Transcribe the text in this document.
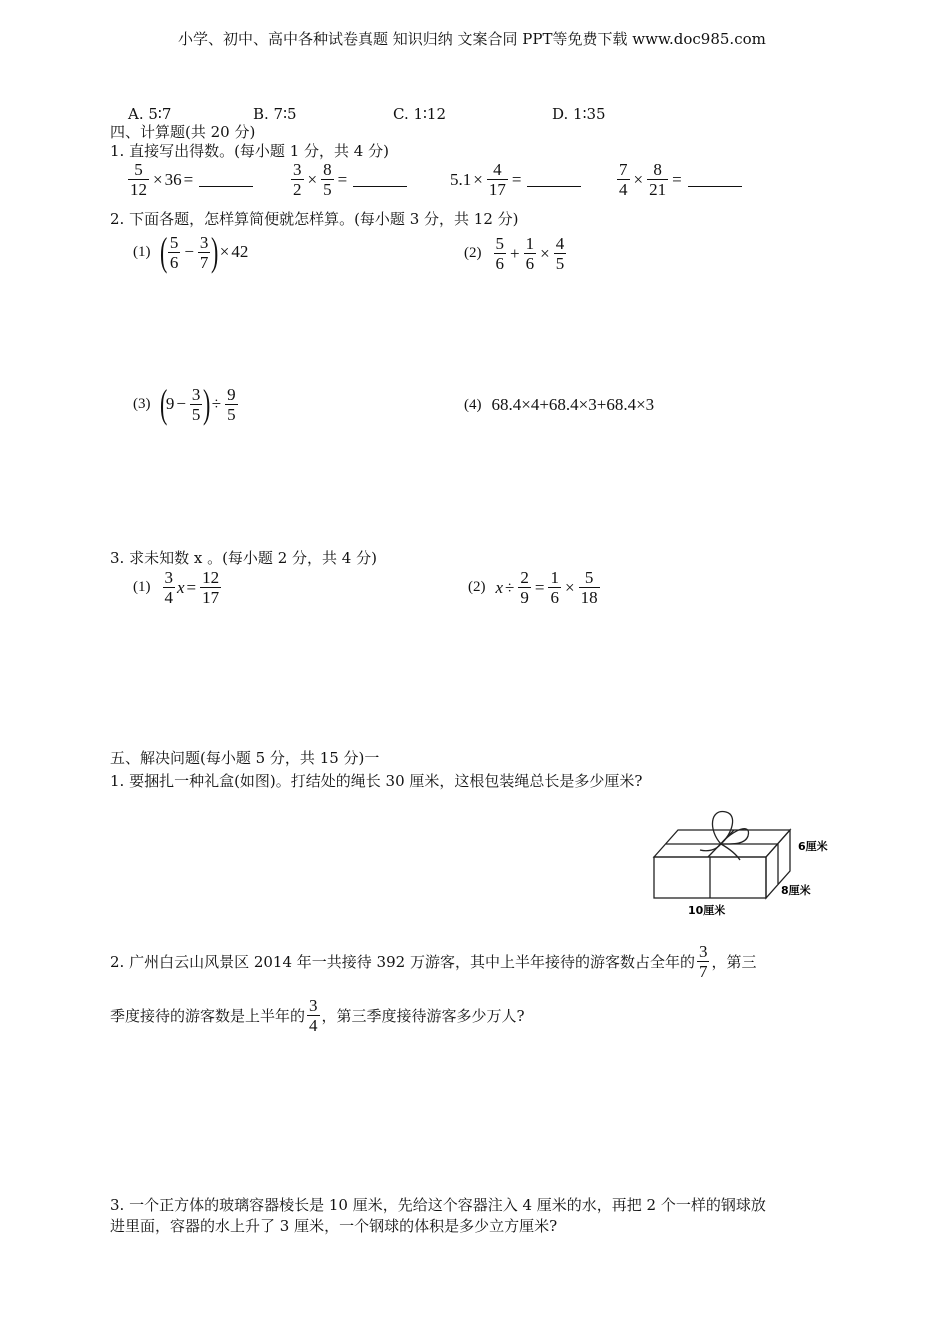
小学、初中、高中各种试卷真题 知识归纳 文案合同 PPT等免费下载 www.doc985.com
A. 5∶7	B. 7∶5	C. 1∶12	D. 1∶35
四、计算题(共 20 分)
1. 直接写出得数。(每小题 1 分，共 4 分)
$\frac{5}{12} \times 36$ =	$\frac{3}{2} \times \frac{8}{5}$ =	$5.1 \times \frac{4}{17}$ =	$\frac{7}{4} \times \frac{8}{21}$ =
2. 下面各题，怎样算简便就怎样算。(每小题 3 分，共 12 分)
(1) ( $\frac{5}{6} - \frac{3}{7}$ ) × 42	$(2) \frac{5}{6} + \frac{1}{6} \times \frac{4}{5}$
(3) (
$9 - \frac{3}{5}$ ) ÷ $\frac{9}{5}$	(4) 68.4×4+68.4×3+68.4×3
3. 求未知数 x 。(每小题 2 分，共 4 分)
$(1) \frac{3}{4}$ $x = \frac{12}{17}$	(2) $x \div \frac{2}{9} = \frac{1}{6} \times \frac{5}{18}$
五、解决问题(每小题 5 分，共 15 分)一
1. 要捆扎一种礼盒(如图)。打结处的绳长 30 厘米，这根包装绳总长是多少厘米?
6厘米
8厘米
10厘米
2. 广州白云山风景区 2014 年一共接待 392 万游客，其中上半年接待的游客数占全年的 $\frac{3}{7}$ ，第三
季度接待的游客数是上半年的 $\frac{3}{4}$ ，第三季度接待游客多少万人?
3. 一个正方体的玻璃容器棱长是 10 厘米，先给这个容器注入 4 厘米的水，再把 2 个一样的钢球放
进里面，容器的水上升了 3 厘米，一个钢球的体积是多少立方厘米?
